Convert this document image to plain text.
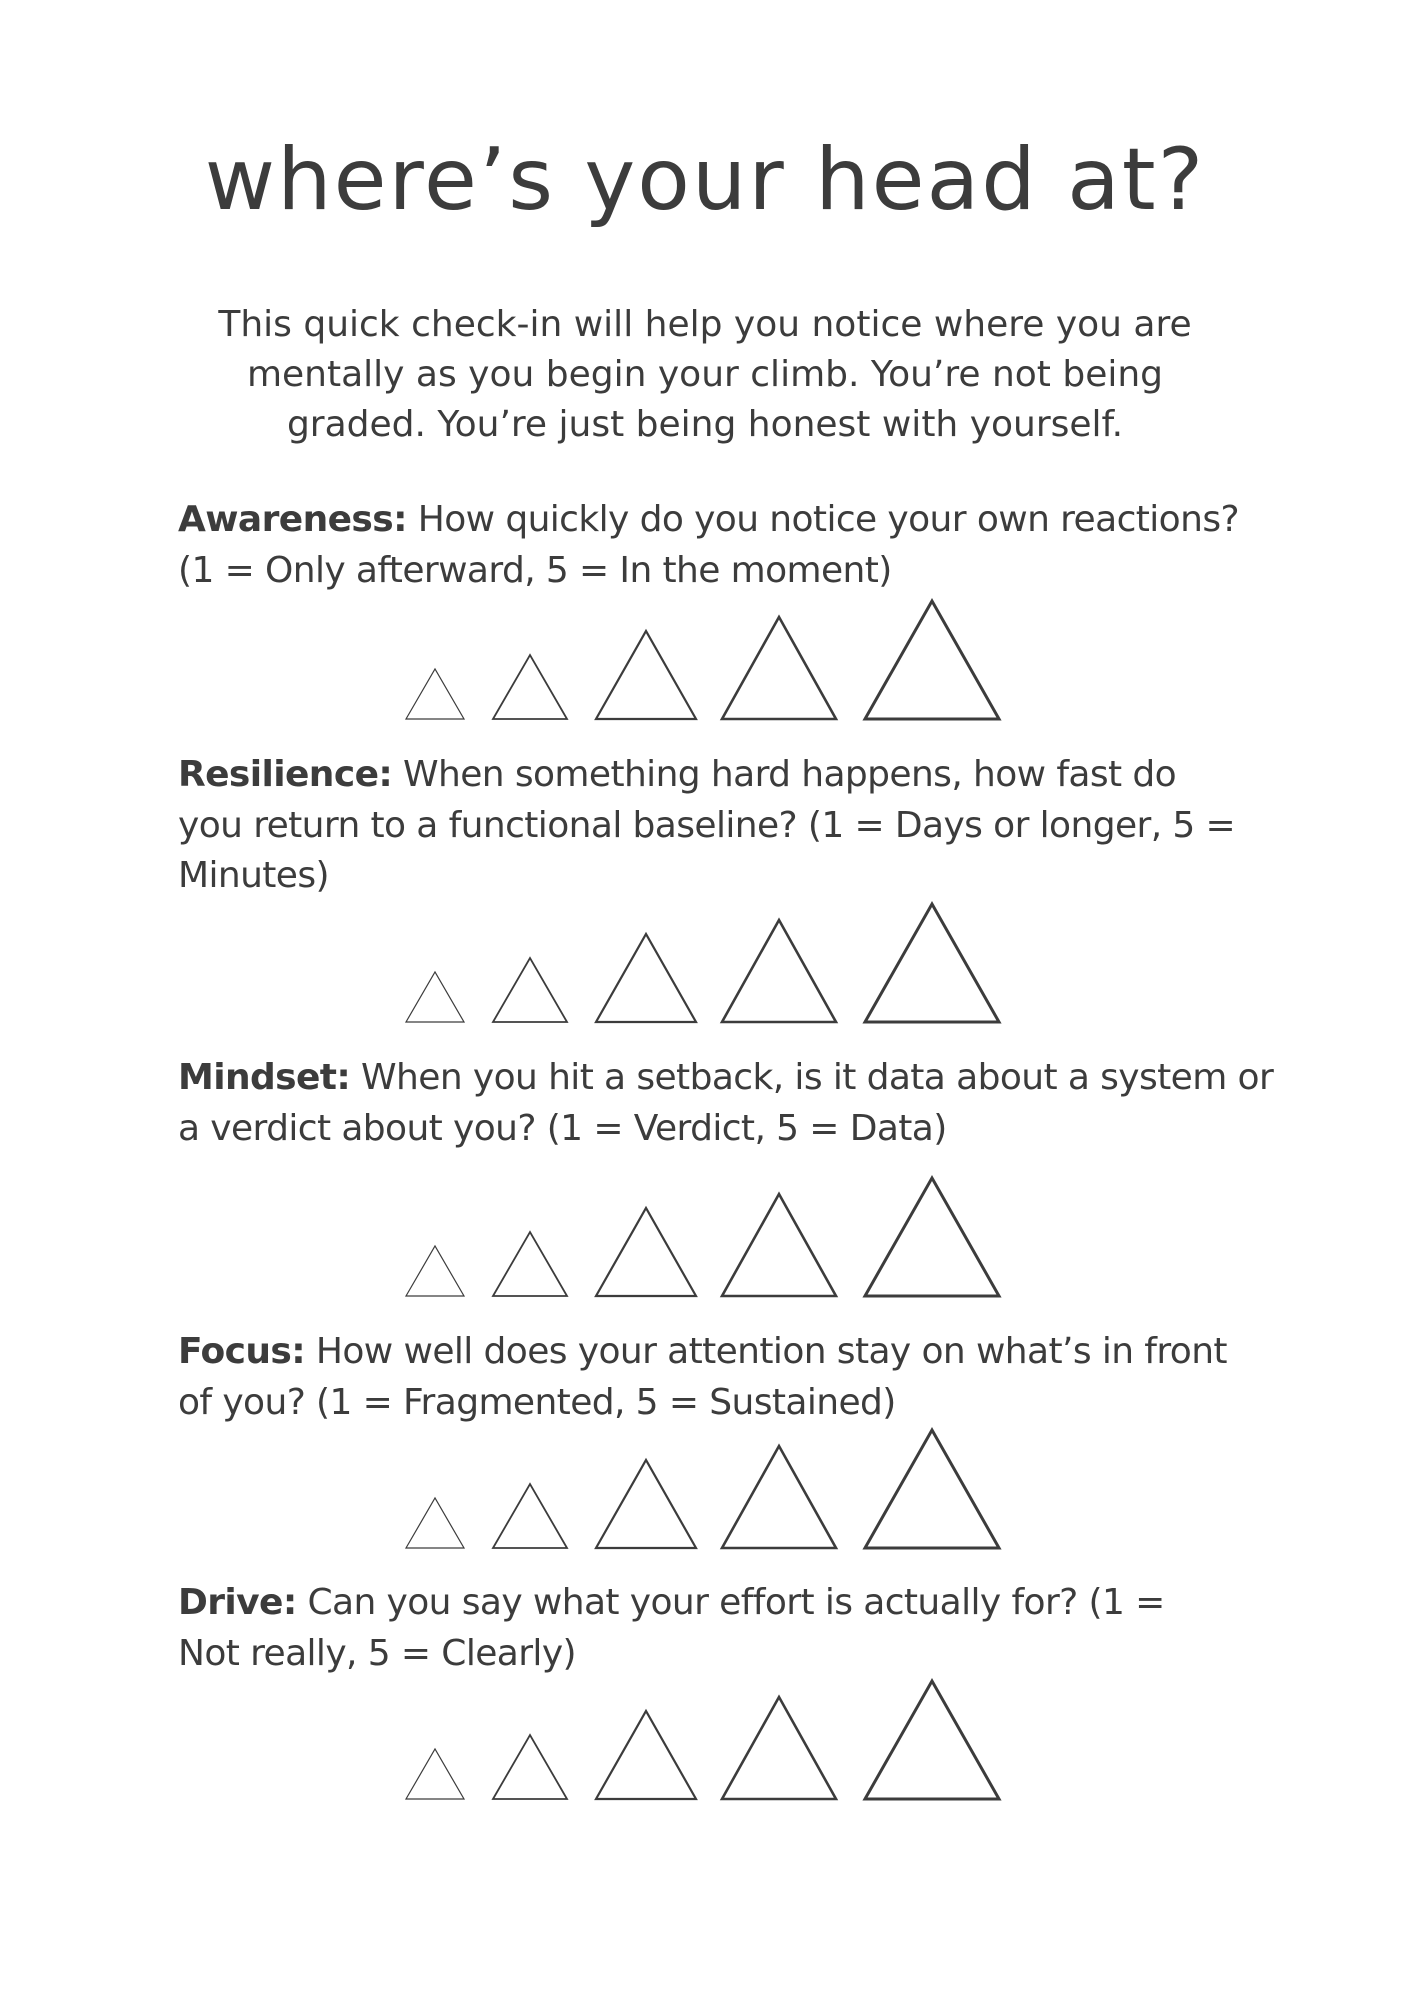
where’s your head at?

This quick check-in will help you notice where you are mentally as you begin your climb. You’re not being graded. You’re just being honest with yourself.

Awareness: How quickly do you notice your own reactions? (1 = Only afterward, 5 = In the moment)

Resilience: When something hard happens, how fast do you return to a functional baseline? (1 = Days or longer, 5 = Minutes)

Mindset: When you hit a setback, is it data about a system or a verdict about you? (1 = Verdict, 5 = Data)

Focus: How well does your attention stay on what’s in front of you? (1 = Fragmented, 5 = Sustained)

Drive: Can you say what your effort is actually for? (1 = Not really, 5 = Clearly)
